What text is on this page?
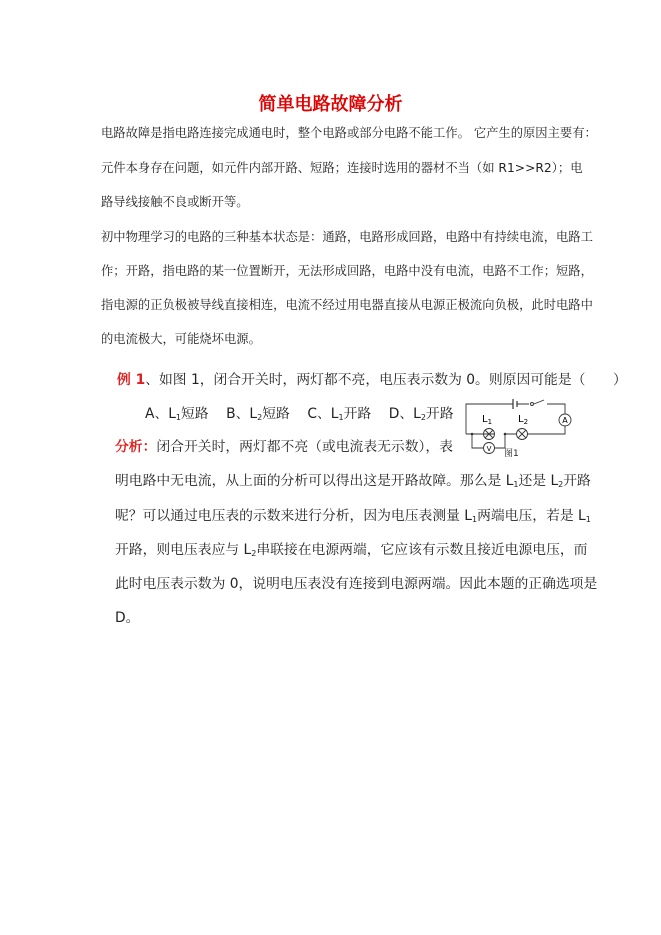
简单电路故障分析
电路故障是指电路连接完成通电时，整个电路或部分电路不能工作。 它产生的原因主要有：
元件本身存在问题，如元件内部开路、短路；连接时选用的器材不当（如 R1>>R2）；电
路导线接触不良或断开等。
初中物理学习的电路的三种基本状态是：通路，电路形成回路，电路中有持续电流，电路工
作；开路，指电路的某一位置断开，无法形成回路，电路中没有电流，电路不工作；短路，
指电源的正负极被导线直接相连，电流不经过用电器直接从电源正极流向负极，此时电路中
的电流极大，可能烧坏电源。
例 1、如图 1，闭合开关时，两灯都不亮，电压表示数为 0。则原因可能是（　　）
A、$L_1$短路 B、$L_2$短路 C、$L_1$开路 D、$L_2$开路	A
V
$L_1$	$L_2$
图1
分析：闭合开关时，两灯都不亮（或电流表无示数），表
明电路中无电流，从上面的分析可以得出这是开路故障。那么是 $L_1$还是 $L_2$开路
呢？可以通过电压表的示数来进行分析，因为电压表测量 $L_1$两端电压，若是 $L_1$
开路，则电压表应与 $L_2$串联接在电源两端，它应该有示数且接近电源电压，而
此时电压表示数为 0，说明电压表没有连接到电源两端。因此本题的正确选项是
D。
